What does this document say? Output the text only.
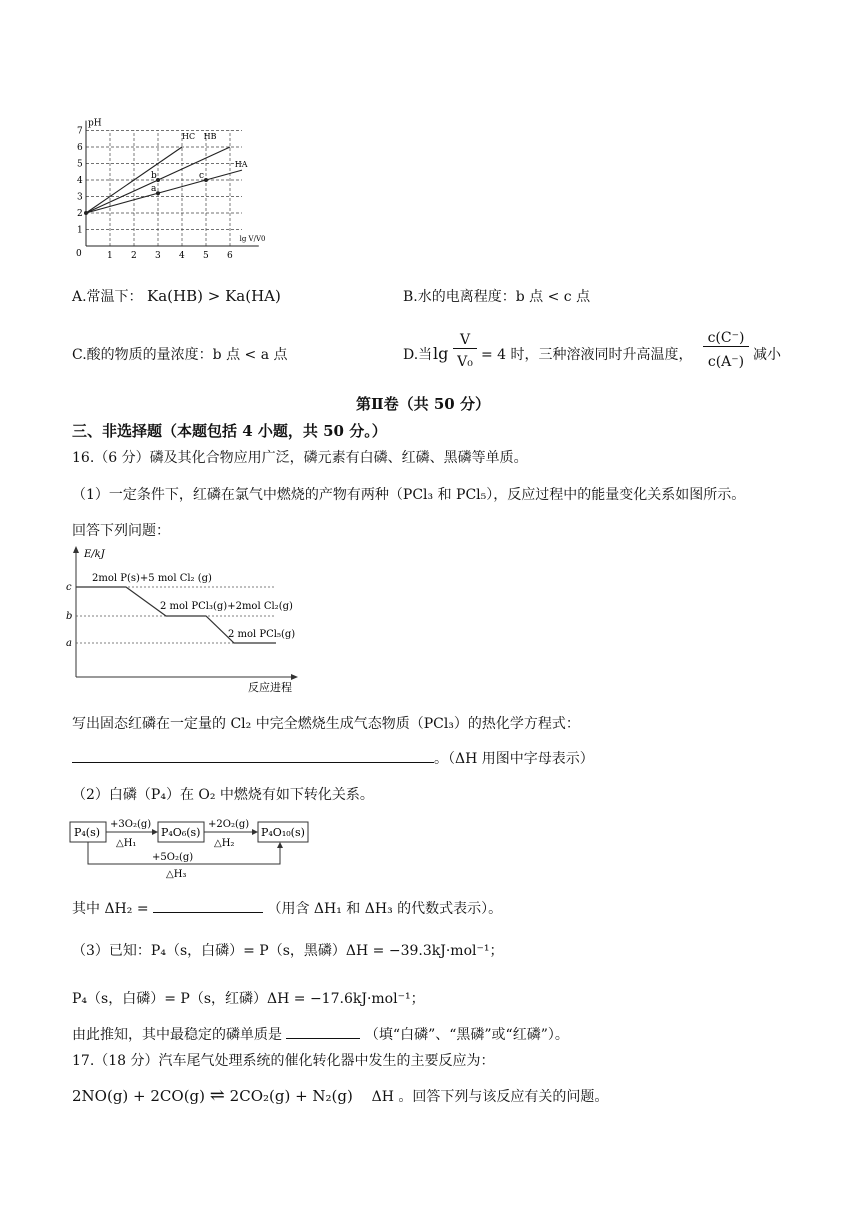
1
2
3
4
5
6
7
1 2 3 4 5 6
0
pH
lg V/V0
HC HB
HA
b
a
c
A.常温下： Ka(HB) > Ka(HA)	B.水的电离程度：b 点 < c 点
C.酸的物质的量浓度：b 点 < a 点	D.当 lg
V
V₀ = 4 时，三种溶液同时升高温度，
c(C⁻)
c(A⁻) 减小
第Ⅱ卷（共 50 分）
三、非选择题（本题包括 4 小题，共 50 分。）
16.（6 分）磷及其化合物应用广泛，磷元素有白磷、红磷、黑磷等单质。
（1）一定条件下，红磷在氯气中燃烧的产物有两种（PCl₃ 和 PCl₅），反应过程中的能量变化关系如图所示。
回答下列问题：
E/kJ
反应进程
c
b
a
2mol P(s)+5 mol Cl₂ (g)
2 mol PCl₃(g)+2mol Cl₂(g)
2 mol PCl₅(g)
写出固态红磷在一定量的 Cl₂ 中完全燃烧生成气态物质（PCl₃）的热化学方程式：
。（ΔH 用图中字母表示）
（2）白磷（P₄）在 O₂ 中燃烧有如下转化关系。
P₄(s)	P₄O₆(s)	P₄O₁₀(s)
+3O₂(g)
△H₁
+2O₂(g)
△H₂
+5O₂(g)
△H₃
其中 ΔH₂ =	（用含 ΔH₁ 和 ΔH₃ 的代数式表示）。
（3）已知：P₄（s，白磷）= P（s，黑磷）ΔH = −39.3kJ·mol⁻¹；
P₄（s，白磷）= P（s，红磷）ΔH = −17.6kJ·mol⁻¹；
由此推知，其中最稳定的磷单质是	（填“白磷”、“黑磷”或“红磷”）。
17.（18 分）汽车尾气处理系统的催化转化器中发生的主要反应为：
2NO(g) + 2CO(g) ⇌ 2CO₂(g) + N₂(g) ΔH 。回答下列与该反应有关的问题。
